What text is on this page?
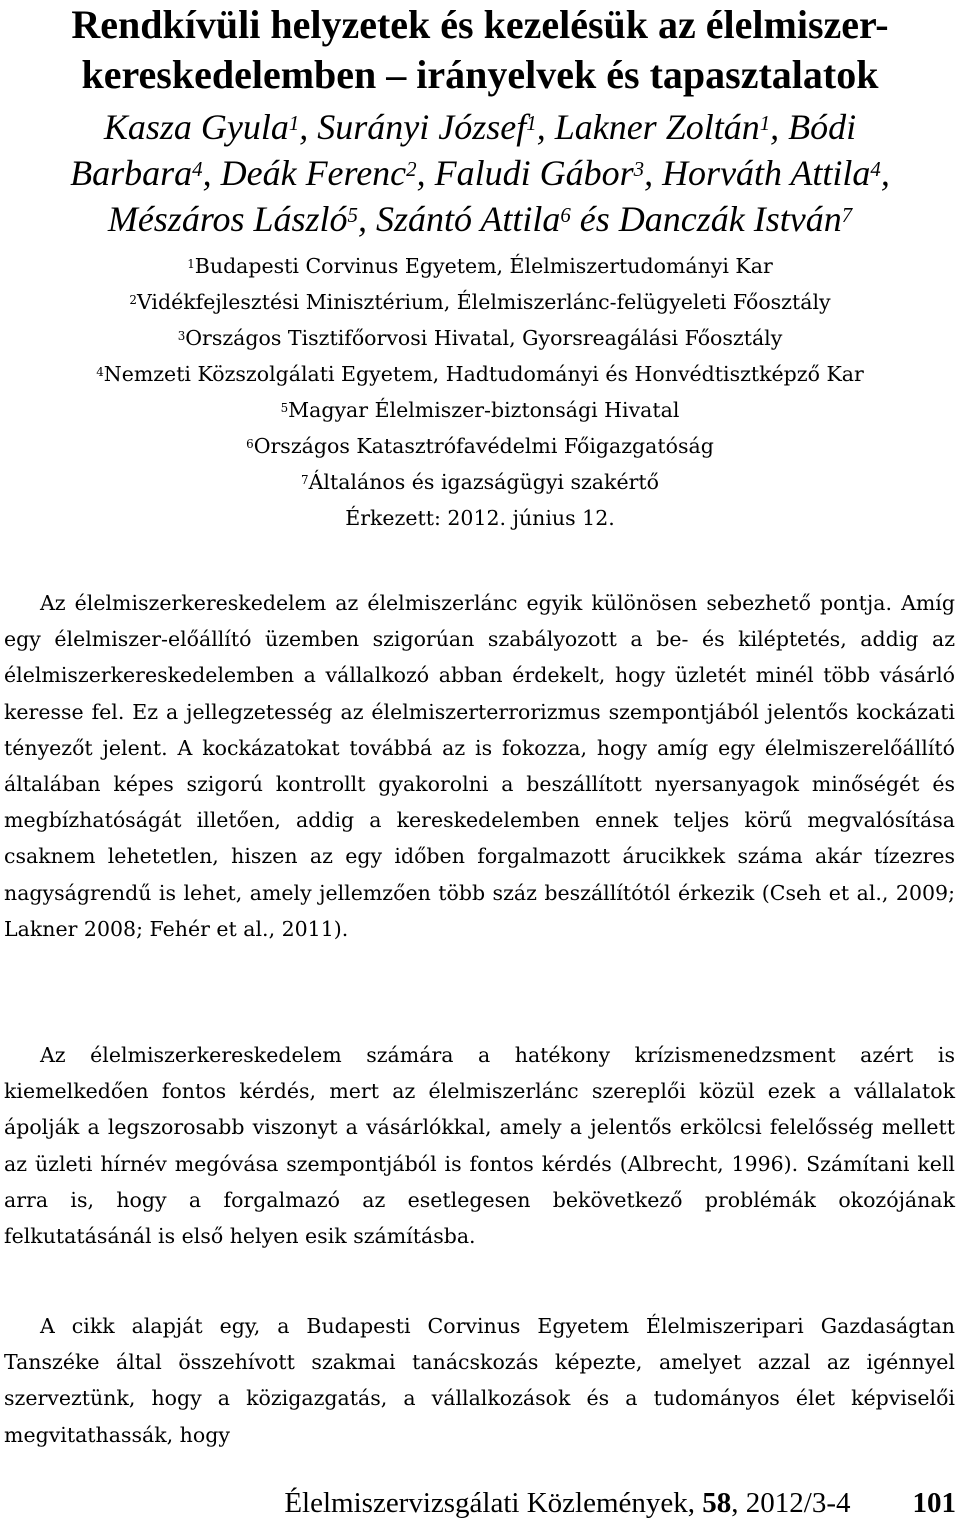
Rendkívüli helyzetek és kezelésük az élelmiszer-
kereskedelemben – irányelvek és tapasztalatok
Kasza Gyula$^1$, Surányi József$^1$, Lakner Zoltán$^1$, Bódi
Barbara$^4$, Deák Ferenc$^2$, Faludi Gábor$^3$, Horváth Attila$^4$,
Mészáros László$^5$, Szántó Attila$^6$ és Danczák István$^7$
$^1$Budapesti Corvinus Egyetem, Élelmiszertudományi Kar
$^2$Vidékfejlesztési Minisztérium, Élelmiszerlánc-felügyeleti Főosztály
$^3$Országos Tisztifőorvosi Hivatal, Gyorsreagálási Főosztály
$^4$Nemzeti Közszolgálati Egyetem, Hadtudományi és Honvédtisztképző Kar
$^5$Magyar Élelmiszer-biztonsági Hivatal
$^6$Országos Katasztrófavédelmi Főigazgatóság
$^7$Általános és igazságügyi szakértő
Érkezett: 2012. június 12.

Az élelmiszerkereskedelem az élelmiszerlánc egyik különösen sebezhető pontja. Amíg egy élelmiszer-előállító üzemben szigorúan szabályozott a be- és kiléptetés, addig az élelmiszerkereskedelemben a vállalkozó abban érdekelt, hogy üzletét minél több vásárló keresse fel. Ez a jellegzetesség az élelmiszerterrorizmus szempontjából jelentős kockázati tényezőt jelent. A kockázatokat továbbá az is fokozza, hogy amíg egy élelmiszerelőállító általában képes szigorú kontrollt gyakorolni a beszállított nyersanyagok minőségét és megbízhatóságát illetően, addig a kereskedelemben ennek teljes körű megvalósítása csaknem lehetetlen, hiszen az egy időben forgalmazott árucikkek száma akár tízezres nagyságrendű is lehet, amely jellemzően több száz beszállítótól érkezik (Cseh et al., 2009; Lakner 2008; Fehér et al., 2011).

Az élelmiszerkereskedelem számára a hatékony krízismenedzsment azért is kiemelkedően fontos kérdés, mert az élelmiszerlánc szereplői közül ezek a vállalatok ápolják a legszorosabb viszonyt a vásárlókkal, amely a jelentős erkölcsi felelősség mellett az üzleti hírnév megóvása szempontjából is fontos kérdés (Albrecht, 1996). Számítani kell arra is, hogy a forgalmazó az esetlegesen bekövetkező problémák okozójának felkutatásánál is első helyen esik számításba.

A cikk alapját egy, a Budapesti Corvinus Egyetem Élelmiszeripari Gazdaságtan Tanszéke által összehívott szakmai tanácskozás képezte, amelyet azzal az igénnyel szerveztünk, hogy a közigazgatás, a vállalkozások és a tudományos élet képviselői megvitathassák, hogy

Élelmiszervizsgálati Közlemények, 58, 2012/3-4 101
